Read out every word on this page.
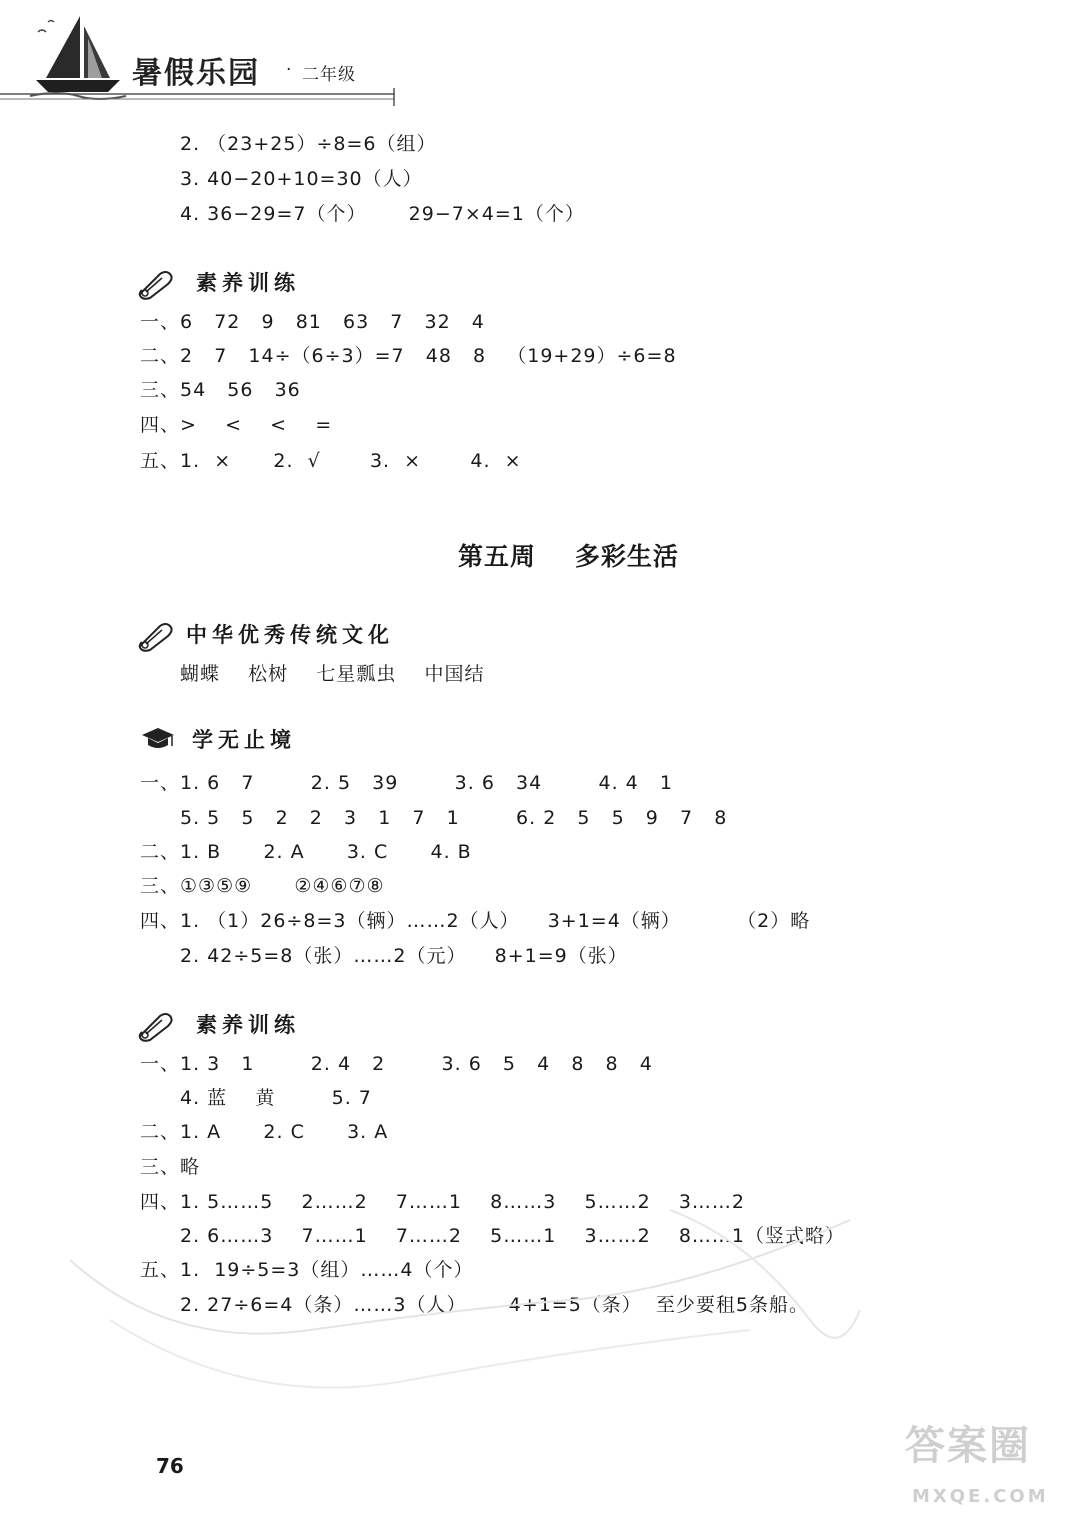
暑假乐园 · 二年级
2. （23+25）÷8=6（组）
3. 40−20+10=30（人）
4. 36−29=7（个）      29−7×4=1（个）
素养训练
一、6   72   9   81   63   7   32   4
二、2   7   14÷（6÷3）=7   48   8   （19+29）÷6=8
三、54   56   36
四、>    <    <    =
五、1.  ×      2.  √       3.  ×       4.  ×
第五周    多彩生活
中华优秀传统文化
蝴蝶    松树    七星瓢虫    中国结
学无止境
一、1. 6   7        2. 5   39        3. 6   34        4. 4   1
5. 5   5   2   2   3   1   7   1        6. 2   5   5   9   7   8
二、1. B      2. A      3. C      4. B
三、①③⑤⑨      ②④⑥⑦⑧
四、1. （1）26÷8=3（辆）……2（人）    3+1=4（辆）        （2）略
2. 42÷5=8（张）……2（元）    8+1=9（张）
素养训练
一、1. 3   1        2. 4   2        3. 6   5   4   8   8   4
4. 蓝    黄        5. 7
二、1. A      2. C      3. A
三、略
四、1. 5……5    2……2    7……1    8……3    5……2    3……2
2. 6……3    7……1    7……2    5……1    3……2    8……1（竖式略）
五、1.  19÷5=3（组）……4（个）
2. 27÷6=4（条）……3（人）      4+1=5（条）  至少要租5条船。
76	答案圈
MXQE.COM
